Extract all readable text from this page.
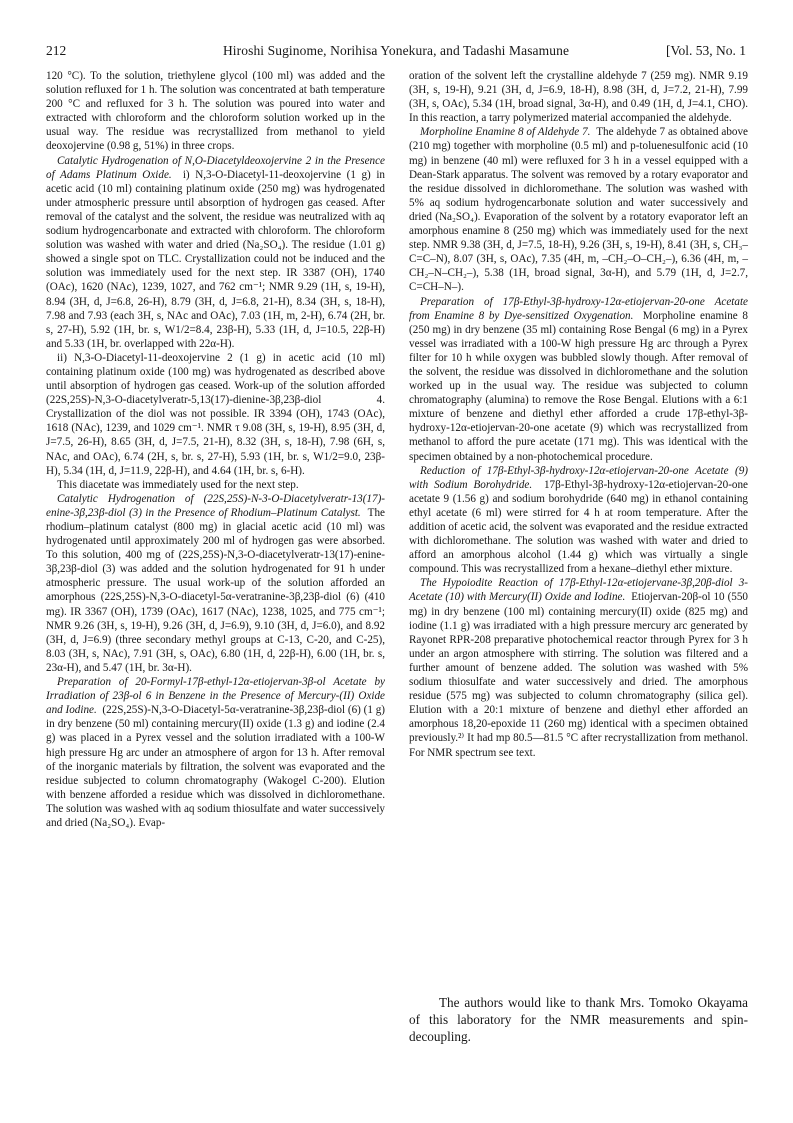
212	Hiroshi Suginome, Norihisa Yonekura, and Tadashi Masamune	[Vol. 53, No. 1

120 °C). To the solution, triethylene glycol (100 ml) was added and the solution refluxed for 1 h. The solution was concentrated at bath temperature 200 °C and refluxed for 3 h. The solution was poured into water and extracted with chloroform and the chloroform solution worked up in the usual way. The residue was recrystallized from methanol to yield deoxojervine (0.98 g, 51%) in three crops.

Catalytic Hydrogenation of N,O-Diacetyldeoxojervine 2 in the Presence of Adams Platinum Oxide. i) N,3-O-Diacetyl-11-deoxojervine (1 g) in acetic acid (10 ml) containing platinum oxide (250 mg) was hydrogenated under atmospheric pressure until absorption of hydrogen gas ceased. After removal of the catalyst and the solvent, the residue was neutralized with aq sodium hydrogencarbonate and extracted with chloroform. The chloroform solution was washed with water and dried (Na₂SO₄). The residue (1.01 g) showed a single spot on TLC. Crystallization could not be induced and the solution was immediately used for the next step. IR 3387 (OH), 1740 (OAc), 1620 (NAc), 1239, 1027, and 762 cm⁻¹; NMR 9.29 (1H, s, 19-H), 8.94 (3H, d, J=6.8, 26-H), 8.79 (3H, d, J=6.8, 21-H), 8.34 (3H, s, 18-H), 7.98 and 7.93 (each 3H, s, NAc and OAc), 7.03 (1H, m, 2-H), 6.74 (2H, br. s, 27-H), 5.92 (1H, br. s, W1/2=8.4, 23β-H), 5.33 (1H, d, J=10.5, 22β-H) and 5.33 (1H, br. overlapped with 22α-H).

ii) N,3-O-Diacetyl-11-deoxojervine 2 (1 g) in acetic acid (10 ml) containing platinum oxide (100 mg) was hydrogenated as described above until absorption of hydrogen gas ceased. Work-up of the solution afforded (22S,25S)-N,3-O-diacetylveratr-5,13(17)-dienine-3β,23β-diol 4. Crystallization of the diol was not possible. IR 3394 (OH), 1743 (OAc), 1618 (NAc), 1239, and 1029 cm⁻¹. NMR τ 9.08 (3H, s, 19-H), 8.95 (3H, d, J=7.5, 26-H), 8.65 (3H, d, J=7.5, 21-H), 8.32 (3H, s, 18-H), 7.98 (6H, s, NAc, and OAc), 6.74 (2H, s, br. s, 27-H), 5.93 (1H, br. s, W1/2=9.0, 23β-H), 5.34 (1H, d, J=11.9, 22β-H), and 4.64 (1H, br. s, 6-H).

This diacetate was immediately used for the next step.

Catalytic Hydrogenation of (22S,25S)-N-3-O-Diacetylveratr-13(17)-enine-3β,23β-diol (3) in the Presence of Rhodium–Platinum Catalyst. The rhodium–platinum catalyst (800 mg) in glacial acetic acid (10 ml) was hydrogenated until approximately 200 ml of hydrogen gas were absorbed. To this solution, 400 mg of (22S,25S)-N,3-O-diacetylveratr-13(17)-enine-3β,23β-diol (3) was added and the solution hydrogenated for 91 h under atmospheric pressure. The usual work-up of the solution afforded an amorphous (22S,25S)-N,3-O-diacetyl-5α-veratranine-3β,23β-diol (6) (410 mg). IR 3367 (OH), 1739 (OAc), 1617 (NAc), 1238, 1025, and 775 cm⁻¹; NMR 9.26 (3H, s, 19-H), 9.26 (3H, d, J=6.9), 9.10 (3H, d, J=6.0), and 8.92 (3H, d, J=6.9) (three secondary methyl groups at C-13, C-20, and C-25), 8.03 (3H, s, NAc), 7.91 (3H, s, OAc), 6.80 (1H, d, 22β-H), 6.00 (1H, br. s, 23α-H), and 5.47 (1H, br. 3α-H).

Preparation of 20-Formyl-17β-ethyl-12α-etiojervan-3β-ol Acetate by Irradiation of 23β-ol 6 in Benzene in the Presence of Mercury-(II) Oxide and Iodine. (22S,25S)-N,3-O-Diacetyl-5α-veratranine-3β,23β-diol (6) (1 g) in dry benzene (50 ml) containing mercury(II) oxide (1.3 g) and iodine (2.4 g) was placed in a Pyrex vessel and the solution irradiated with a 100-W high pressure Hg arc under an atmosphere of argon for 13 h. After removal of the inorganic materials by filtration, the solvent was evaporated and the residue subjected to column chromatography (Wakogel C-200). Elution with benzene afforded a residue which was dissolved in dichloromethane. The solution was washed with aq sodium thiosulfate and water successively and dried (Na₂SO₄). Evap-

oration of the solvent left the crystalline aldehyde 7 (259 mg). NMR 9.19 (3H, s, 19-H), 9.21 (3H, d, J=6.9, 18-H), 8.98 (3H, d, J=7.2, 21-H), 7.99 (3H, s, OAc), 5.34 (1H, broad signal, 3α-H), and 0.49 (1H, d, J=4.1, CHO). In this reaction, a tarry polymerized material accompanied the aldehyde.

Morpholine Enamine 8 of Aldehyde 7. The aldehyde 7 as obtained above (210 mg) together with morpholine (0.5 ml) and p-toluenesulfonic acid (10 mg) in benzene (40 ml) were refluxed for 3 h in a vessel equipped with a Dean-Stark apparatus. The solvent was removed by a rotary evaporator and the residue dissolved in dichloromethane. The solution was washed with 5% aq sodium hydrogencarbonate solution and water successively and dried (Na₂SO₄). Evaporation of the solvent by a rotatory evaporator left an amorphous enamine 8 (250 mg) which was immediately used for the next step. NMR 9.38 (3H, d, J=7.5, 18-H), 9.26 (3H, s, 19-H), 8.41 (3H, s, CH₃–C=C–N), 8.07 (3H, s, OAc), 7.35 (4H, m, –CH₂–O–CH₂–), 6.36 (4H, m, –CH₂–N–CH₂–), 5.38 (1H, broad signal, 3α-H), and 5.79 (1H, d, J=2.7, C=CH–N–).

Preparation of 17β-Ethyl-3β-hydroxy-12α-etiojervan-20-one Acetate from Enamine 8 by Dye-sensitized Oxygenation. Morpholine enamine 8 (250 mg) in dry benzene (35 ml) containing Rose Bengal (6 mg) in a Pyrex vessel was irradiated with a 100-W high pressure Hg arc through a Pyrex filter for 10 h while oxygen was bubbled slowly though. After removal of the solvent, the residue was dissolved in dichloromethane and the solution worked up in the usual way. The residue was subjected to column chromatography (alumina) to remove the Rose Bengal. Elutions with a 6:1 mixture of benzene and diethyl ether afforded a crude 17β-ethyl-3β-hydroxy-12α-etiojervan-20-one acetate (9) which was recrystallized from methanol to afford the pure acetate (171 mg). This was identical with the specimen obtained by a non-photochemical procedure.

Reduction of 17β-Ethyl-3β-hydroxy-12α-etiojervan-20-one Acetate (9) with Sodium Borohydride. 17β-Ethyl-3β-hydroxy-12α-etiojervan-20-one acetate 9 (1.56 g) and sodium borohydride (640 mg) in ethanol containing ethyl acetate (6 ml) were stirred for 4 h at room temperature. After the addition of acetic acid, the solvent was evaporated and the residue extracted with dichloromethane. The solution was washed with water and dried to afford an amorphous alcohol (1.44 g) which was virtually a single compound. This was recrystallized from a hexane–diethyl ether mixture.

The Hypoiodite Reaction of 17β-Ethyl-12α-etiojervane-3β,20β-diol 3-Acetate (10) with Mercury(II) Oxide and Iodine. Etiojervan-20β-ol 10 (550 mg) in dry benzene (100 ml) containing mercury(II) oxide (825 mg) and iodine (1.1 g) was irradiated with a high pressure mercury arc generated by Rayonet RPR-208 preparative photochemical reactor through Pyrex for 3 h under an argon atmosphere with stirring. The solution was filtered and a further amount of benzene added. The solution was washed with 5% sodium thiosulfate and water successively and dried. The amorphous residue (575 mg) was subjected to column chromatography (silica gel). Elution with a 20:1 mixture of benzene and diethyl ether afforded an amorphous 18,20-epoxide 11 (260 mg) identical with a specimen obtained previously.²⁾ It had mp 80.5—81.5 °C after recrystallization from methanol. For NMR spectrum see text.

The authors would like to thank Mrs. Tomoko Okayama of this laboratory for the NMR measurements and spin-decoupling.
